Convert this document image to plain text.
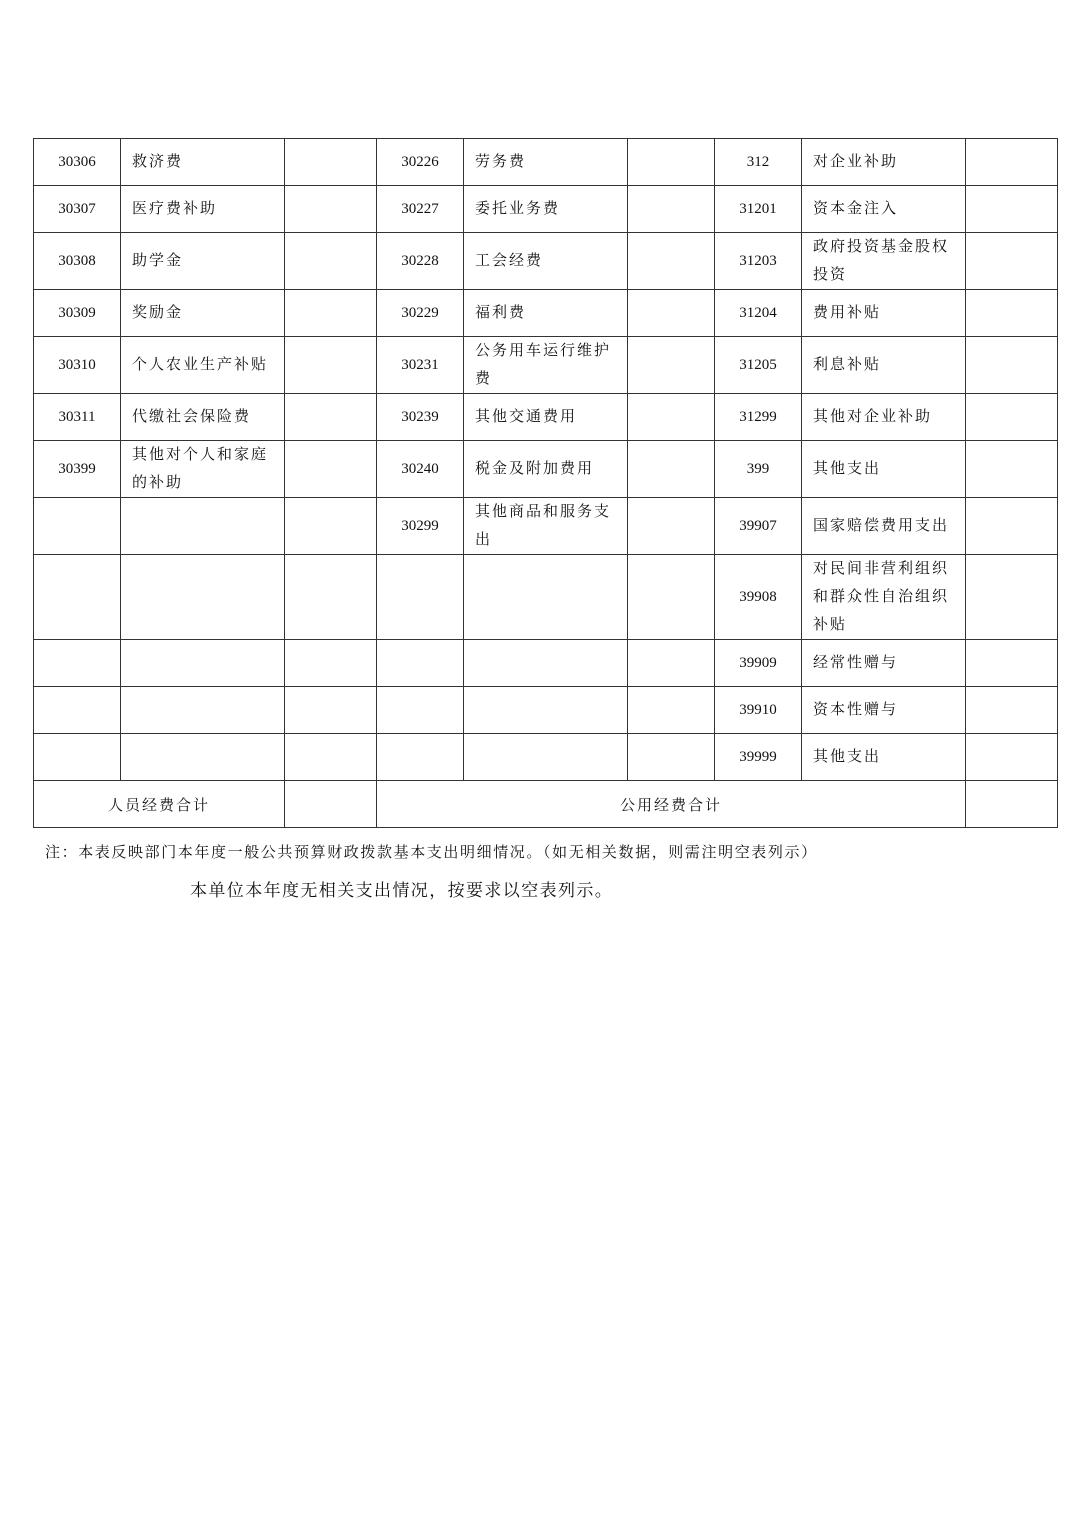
30306	救济费		30226	劳务费		312	对企业补助	
30307	医疗费补助		30227	委托业务费		31201	资本金注入	
30308	助学金		30228	工会经费		31203	政府投资基金股权投资	
30309	奖励金		30229	福利费		31204	费用补贴	
30310	个人农业生产补贴		30231	公务用车运行维护费		31205	利息补贴	
30311	代缴社会保险费		30239	其他交通费用		31299	其他对企业补助	
30399	其他对个人和家庭的补助		30240	税金及附加费用		399	其他支出	
			30299	其他商品和服务支出		39907	国家赔偿费用支出	
						39908	对民间非营利组织和群众性自治组织补贴	
						39909	经常性赠与	
						39910	资本性赠与	
						39999	其他支出	
人员经费合计			公用经费合计					

注：本表反映部门本年度一般公共预算财政拨款基本支出明细情况。（如无相关数据，则需注明空表列示）

本单位本年度无相关支出情况，按要求以空表列示。
